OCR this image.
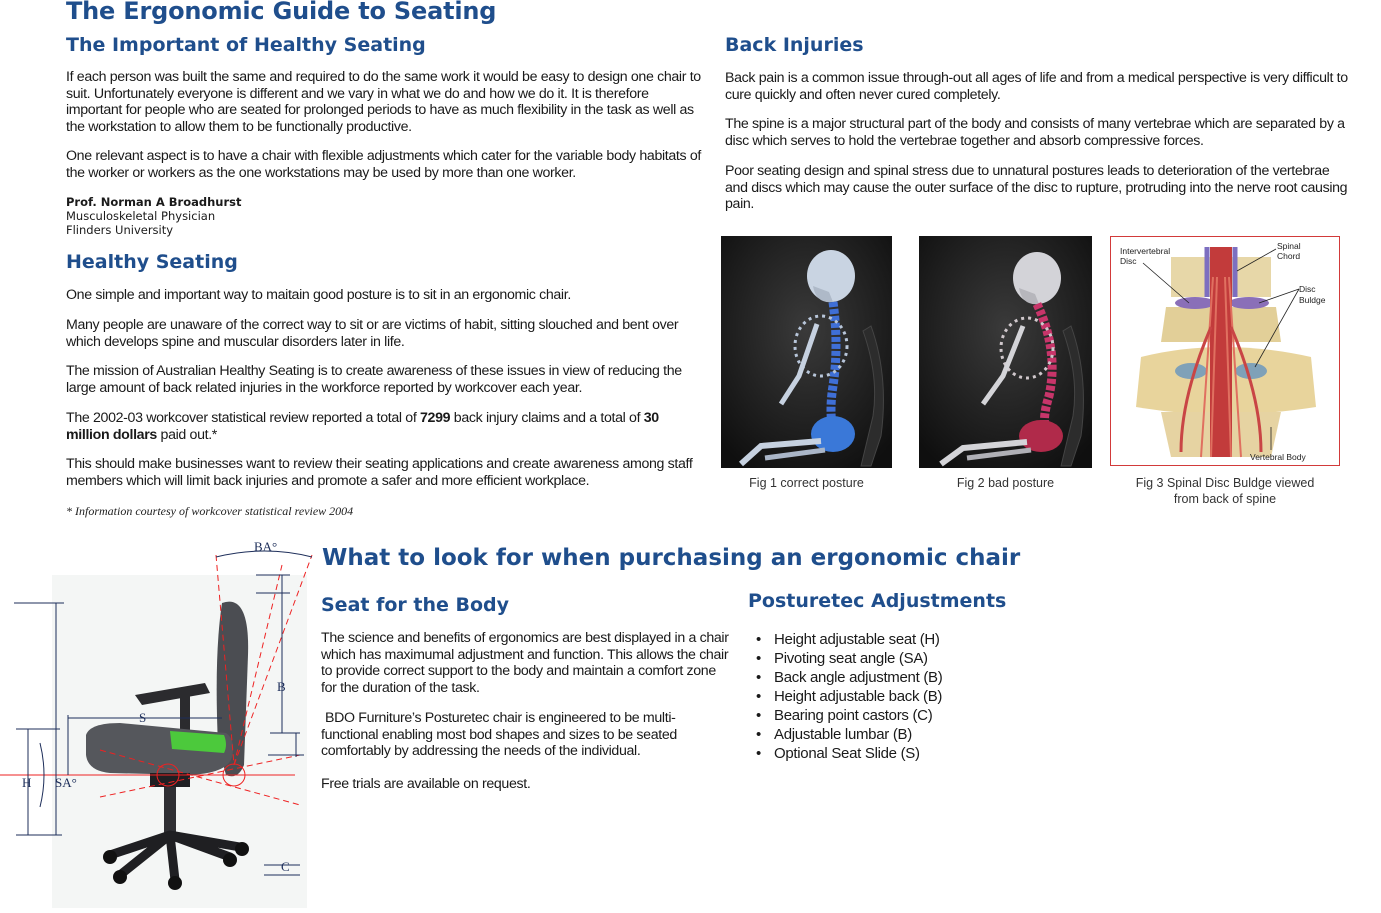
The Ergonomic Guide to Seating
The Important of Healthy Seating

If each person was built the same and required to do the same work it would be easy to design one chair to suit. Unfortunately everyone is different and we vary in what we do and how we do it. It is therefore important for people who are seated for prolonged periods to have as much flexibility in the task as well as the workstation to allow them to be functionally productive.

One relevant aspect is to have a chair with flexible adjustments which cater for the variable body habitats of the worker or workers as the one workstations may be used by more than one worker.

Prof. Norman A Broadhurst
Musculoskeletal Physician
Flinders University
Healthy Seating

One simple and important way to maitain good posture is to sit in an ergonomic chair.

Many people are unaware of the correct way to sit or are victims of habit, sitting slouched and bent over which develops spine and muscular disorders later in life.

The mission of Australian Healthy Seating is to create awareness of these issues in view of reducing the large amount of back related injuries in the workforce reported by workcover each year.

The 2002-03 workcover statistical review reported a total of 7299 back injury claims and a total of 30 million dollars paid out.*

This should make businesses want to review their seating applications and create awareness among staff members which will limit back injuries and promote a safer and more efficient workplace.

* Information courtesy of workcover statistical review 2004
Back Injuries

Back pain is a common issue through-out all ages of life and from a medical perspective is very difficult to cure quickly and often never cured completely.

The spine is a major structural part of the body and consists of many vertebrae which are separated by a disc which serves to hold the vertebrae together and absorb compressive forces.

Poor seating design and spinal stress due to unnatural postures leads to deterioration of the vertebrae and discs which may cause the outer surface of the disc to rupture, protruding into the nerve root causing pain.

Fig 1 correct posture	Fig 2 bad posture
Intervertebral
Disc
Spinal
Chord
Disc
Buldge
Vertebral Body
Fig 3 Spinal Disc Buldge viewed
from back of spine
BA°
B
S
H SA°
C
What to look for when purchasing an ergonomic chair
Seat for the Body

The science and benefits of ergonomics are best displayed in a chair which has maximumal adjustment and function. This allows the chair to provide correct support to the body and maintain a comfort zone for the duration of the task.

BDO Furniture’s Posturetec chair is engineered to be multi-functional enabling most bod shapes and sizes to be seated comfortably by addressing the needs of the individual.

Free trials are available on request.

Posturetec Adjustments
• Height adjustable seat (H)
• Pivoting seat angle (SA)
• Back angle adjustment (B)
• Height adjustable back (B)
• Bearing point castors (C)
• Adjustable lumbar (B)
• Optional Seat Slide (S)
